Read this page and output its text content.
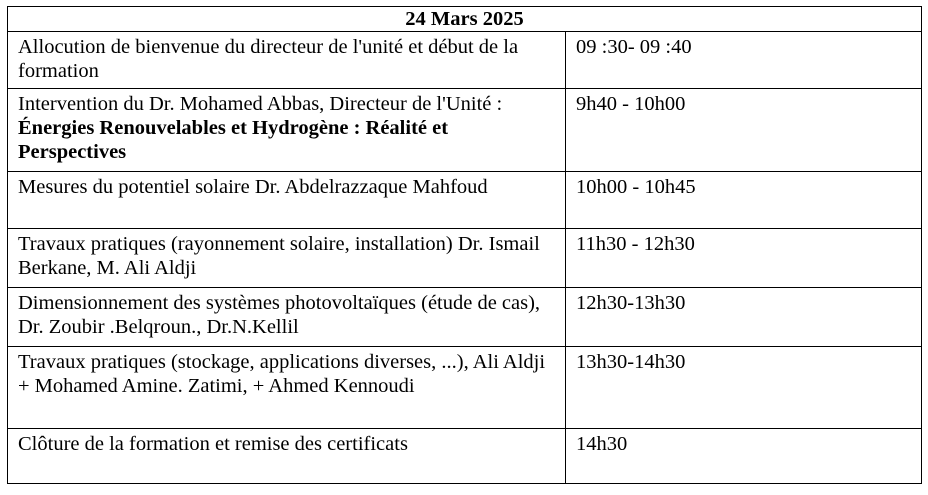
24 Mars 2025	
Allocution de bienvenue du directeur de l'unité et début de la formation	09 :30- 09 :40
Intervention du Dr. Mohamed Abbas, Directeur de l'Unité : Énergies Renouvelables et Hydrogène : Réalité et Perspectives	9h40 - 10h00
Mesures du potentiel solaire Dr. Abdelrazzaque Mahfoud	10h00 - 10h45
Travaux pratiques (rayonnement solaire, installation) Dr. Ismail Berkane, M. Ali Aldji	11h30 - 12h30
Dimensionnement des systèmes photovoltaïques (étude de cas), Dr. Zoubir .Belqroun., Dr.N.Kellil	12h30-13h30
Travaux pratiques (stockage, applications diverses, ...), Ali Aldji + Mohamed Amine. Zatimi, + Ahmed Kennoudi	13h30-14h30
Clôture de la formation et remise des certificats	14h30
